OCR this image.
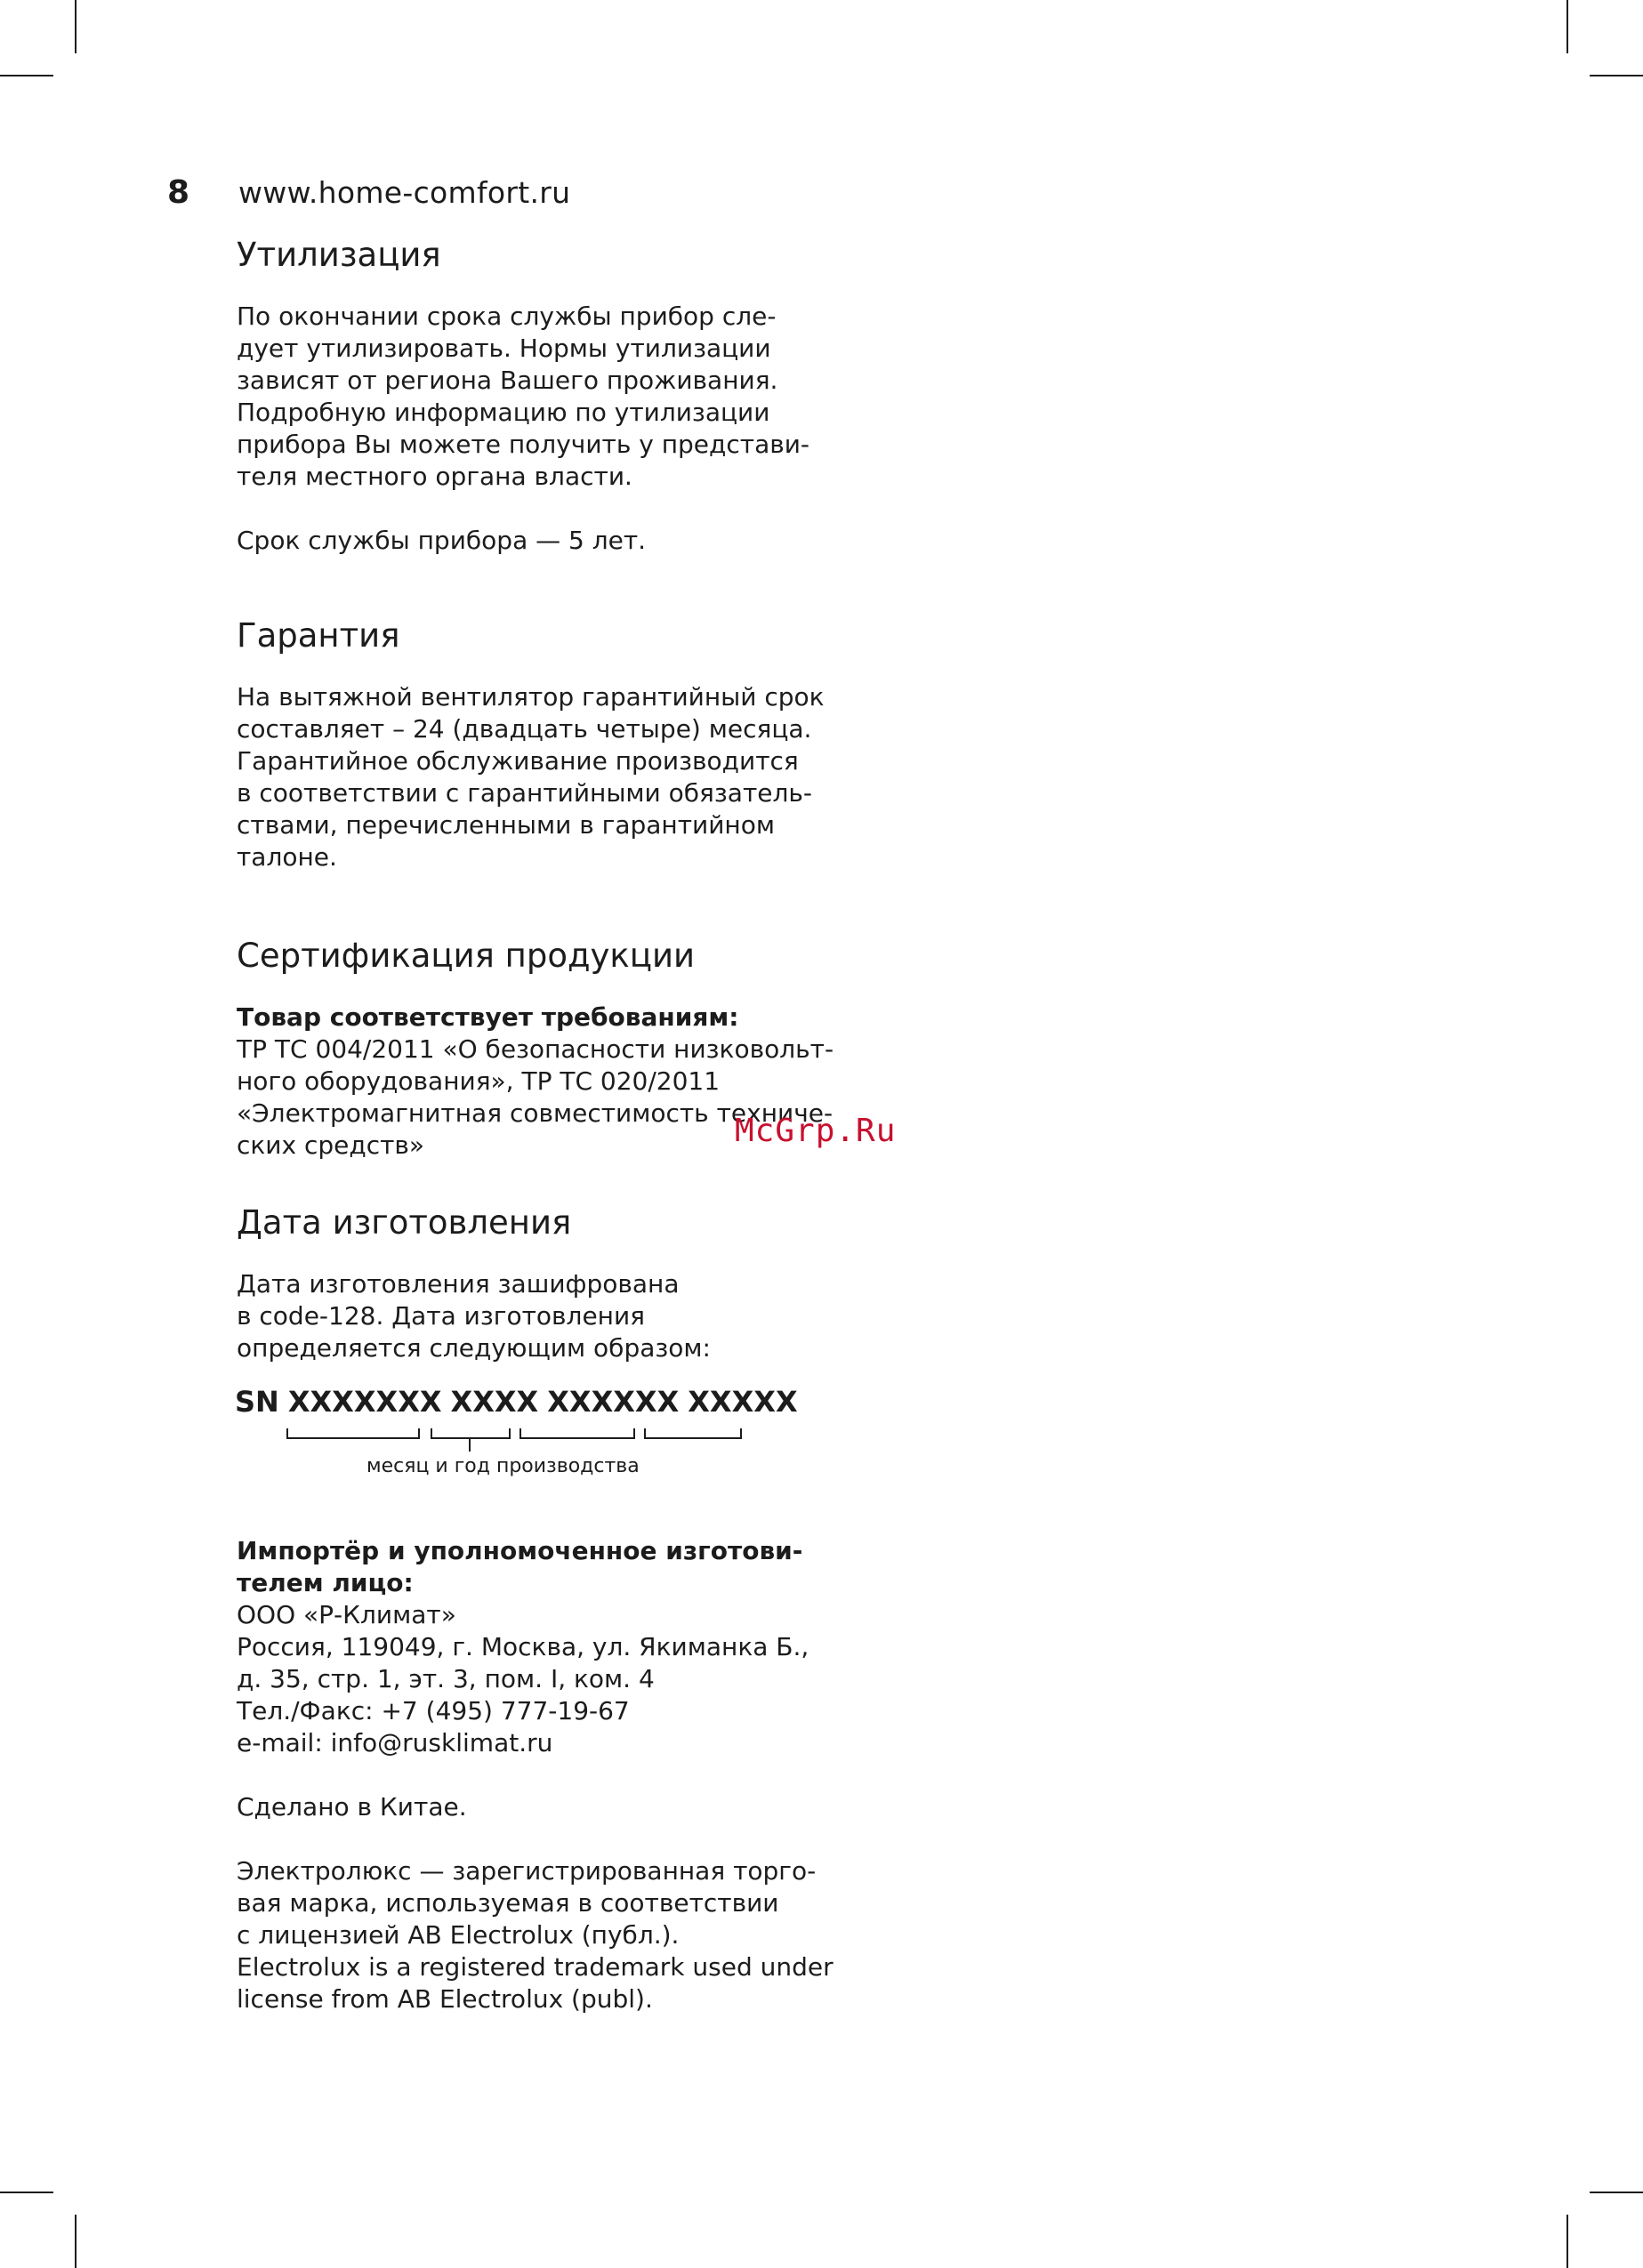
8	www.home-comfort.ru
Утилизация

По окончании срока службы прибор сле-
дует утилизировать. Нормы утилизации
зависят от региона Вашего проживания.
Подробную информацию по утилизации
прибора Вы можете получить у представи-
теля местного органа власти.

Срок службы прибора — 5 лет.

Гарантия

На вытяжной вентилятор гарантийный срок
составляет – 24 (двадцать четыре) месяца.
Гарантийное обслуживание производится
в соответствии с гарантийными обязатель-
ствами, перечисленными в гарантийном
талоне.

Сертификация продукции

Товар соответствует требованиям:

ТР ТС 004/2011 «О безопасности низковольт-
ного оборудования», ТР ТС 020/2011
«Электромагнитная совместимость техниче-
ских средств»

Дата изготовления

Дата изготовления зашифрована
в code-128. Дата изготовления
определяется следующим образом:

SN XXXXXXX XXXX XXXXXX XXXXX
месяц и год производства

Импортёр и уполномоченное изготови-
телем лицо:

ООО «Р-Климат»
Россия, 119049, г. Москва, ул. Якиманка Б.,
д. 35, стр. 1, эт. 3, пом. I, ком. 4
Тел./Факс: +7 (495) 777-19-67
e-mail: info@rusklimat.ru

Сделано в Китае.

Электролюкс — зарегистрированная торго-
вая марка, используемая в соответствии
с лицензией АВ Electrolux (публ.).
Electrolux is a registered trademark used under
license from AB Electrolux (publ).

McGrp.Ru
